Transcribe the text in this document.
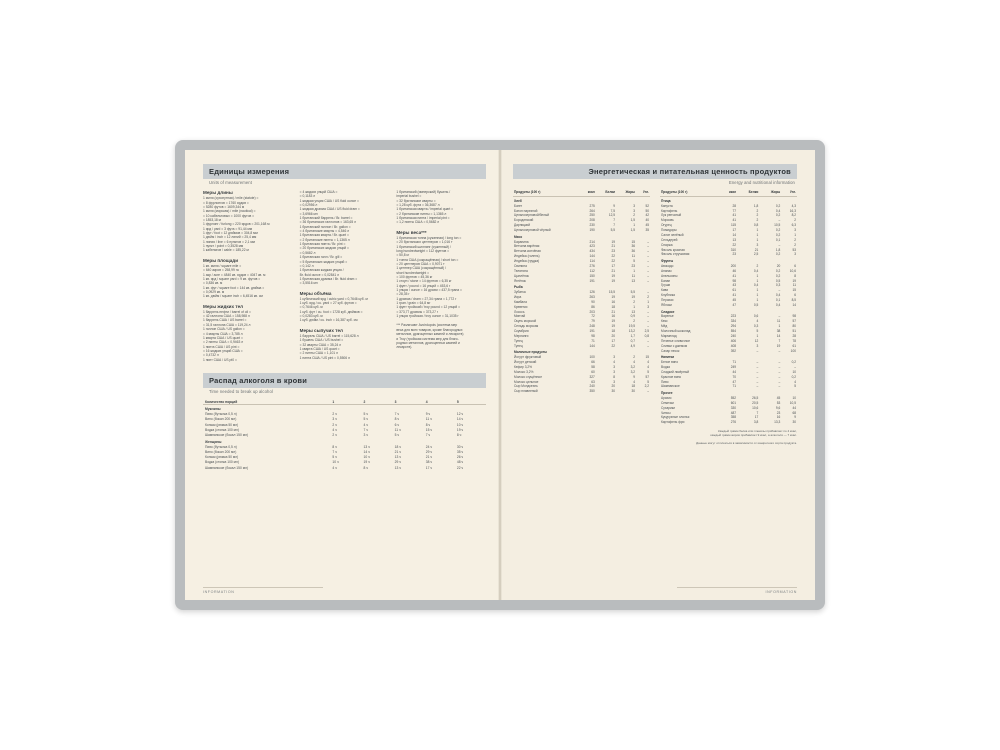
Единицы измерения
Units of measurement
Меры длины
1 миля (сухопутная) / mile (statute) =
= 8 фурлонгов = 1760 ярдов =
= 5280 футов = 1609,344 м
1 миля (морская) / mile (nautical) =
= 10 кабельтовых = 1000 футов =
= 1853,18 м
1 фурлонг / furlong = 220 ярдов = 201,168 м
1 ярд / yard = 3 фута = 91,44 мм
1 фут / foot = 12 дюймов = 304,8 мм
1 дюйм / inch = 12 линий = 25,4 мм
1 линия / line = 6 пунктов = 2,1 мм
1 пункт / point = 0,3528 мм
1 кабельтов / cable = 185,22 м
Меры площади
1 кв. миля / square mile =
= 640 акров = 258,99 га
1 акр / acre = 4840 кв. ярдов = 4047 кв. м
1 кв. ярд / square yard = 9 кв. футов =
= 0,836 кв. м
1 кв. фут / square foot = 144 кв. дюйма =
= 0,0929 кв. м
1 кв. дюйм / square inch = 6,4516 кв. см
Меры жидких тел
1 баррель нефти / barrel of oil =
= 42 галлона США = 158,988 л
1 баррель США / US barrel =
= 31,5 галлона США = 119,24 л
1 галлон США / US gallon =
= 4 кварты США = 3,785 л
1 кварта США / US quart =
= 2 пинты США = 0,9463 л
1 пинта США / US pint =
= 16 жидких унций США =
= 0,4732 л
1 пинт США / US pt0 =
= 4 жидких унций США =
= 0,1183 л
1 жидкая унция США / US fluid ounce =
= 0,02956 л
1 жидкая драхма США / US fluid dram =
= 3,6966 мл
1 британский баррель / Br. barrel =
= 36 британских галлонов = 163,65 л
1 британский галлон / Br. gallon =
= 4 британские кварты = 4,546 л
1 британская кварта / Br. quart =
= 2 британские пинты = 1,1365 л
1 британская пинта / Br. pint =
= 20 британских жидких унций =
= 0,5682 л
1 британская галл / Br. gill =
= 5 британских жидких унций =
= 0,142 л
1 британская жидкая унция /
Br. fluid ounce = 0,02841 л
1 британская драхма / Br. fluid dram =
= 3,5516 мл
Меры объёма
1 кубический ярд / cubic yard = 0,7646 куб. м
1 куб. ярд / cu. yard = 27 куб. футов =
= 0,7646 куб. м
1 куб. фут / cu. foot = 1728 куб. дюймов =
= 0,0283 куб. м
1 куб. дюйм / cu. inch = 16,387 куб. см
Меры сыпучих тел
1 баррель США / US barrel = 115,628 л
1 бушель США / US bushel =
= 32 кварты США = 35,24 л
1 кварта США / US quart =
= 2 пинты США = 1,101 л
1 пинта США / US pint = 0,5506 л
1 британский (имперский) бушель /
imperial bushel =
= 32 британские кварты =
= 1,28 куб. фута = 36,3687 л
1 британская кварта / imperial quart =
= 2 британские пинты = 1,1365 л
1 британская пинта / imperial pint =
= 1,2 пинты США = 0,5682 л
Меры веса***
1 британская тонна (суженная) / long ton =
= 20 британских центнеров = 1,016 т
1 британский шиллинг (суженный) /
long hundredweight = 112 фунтов =
= 50,8 кг
1 тонна США (сокращённая) / short ton =
= 20 центнеров США = 0,9071 т
1 центнер США (сокращённый) /
short hundredweight =
= 100 фунтов = 45,36 кг
1 стоун / stone = 14 фунтов = 6,35 кг
1 фунт / pound = 16 унций = 453,6 г
1 унция / ounce = 16 драхм = 437,5 грана =
= 28,35 г
1 драхма / dram = 27,34 грана = 1,772 г
1 гран / grain = 64,8 мг
1 фунт тройский / troy pound = 12 унций =
= 373,77 драхмы = 373,27 г
1 унция тройская / troy ounce = 31,1035 г
*** Различают Avoirdupois (система мер
веса для всех товаров, кроме благородных
металлов, драгоценных камней и лекарств)
и Troy (тройская система мер для благо-
родных металлов, драгоценных камней и
лекарств).
Распад алкоголя в крови
Time needed to break up alcohol
Количество порций	1	2	3	4	5
Мужчины					
Пиво (бутылка 0,5 л)	2 ч	5 ч	7 ч	9 ч	12 ч
Вино (бокал 200 мл)	3 ч	5 ч	8 ч	11 ч	14 ч
Коньяк (рюмка 50 мл)	2 ч	4 ч	6 ч	8 ч	10 ч
Водка (стопка 100 мл)	4 ч	7 ч	11 ч	15 ч	19 ч
Шампанское (бокал 150 мл)	2 ч	3 ч	5 ч	7 ч	8 ч
Женщины					
Пиво (бутылка 0,5 л)	8 ч	13 ч	18 ч	24 ч	30 ч
Вино (бокал 200 мл)	7 ч	14 ч	21 ч	29 ч	35 ч
Коньяк (рюмка 50 мл)	5 ч	10 ч	13 ч	21 ч	26 ч
Водка (стопка 100 мл)	10 ч	19 ч	29 ч	38 ч	48 ч
Шампанское (бокал 150 мл)	4 ч	8 ч	13 ч	17 ч	22 ч
INFORMATION
Энергетическая и питательная ценность продуктов
Energy and nutritional information
Продукты (100 г)	ккал	Белки	Жиры	Угл.
Хлеб				
Багет	275	9	3	52
Батон нарезной	264	7,5	3	50
Цельнозерновой/белый	250	12,5	2	42
Бородинский	208	7	1,5	40
Дарницкий	230	7	1	45
Цельнозерновой чёрный	190	5,5	1,5	35
Мясо				
Баранина	214	19	15	–
Ветчина варёная	423	21	36	–
Ветчина копчёная	434	23	36	–
Индейка (голень)	144	22	11	–
Индейка (грудка)	114	22	5	–
Свинина	276	17	23	–
Телятина	112	21	1	–
Цыплёнок	150	19	11	–
Ягнёнок	191	19	13	–
Рыба				
Зубатка	126	15,5	5,5	–
Икра	263	19	19	2
Камбала	90	16	2	1
Креветки	86	18	1	3
Лосось	203	21	13	–
Минтай	72	16	0,9	–
Окунь морской	79	19	2	–
Сельдь морская	248	19	19,5	–
Скумбрия	191	18	13,2	2,5
Мерланги	98	20	1,7	0,8
Тунец	71	17	0,7	–
Тунец	144	22	4,9	–
Молочные продукты				
Йогурт фруктовый	100	3	2	15
Йогурт детский	66	4	4	4
Кефир 3,2%	58	3	3,2	4
Молоко 3,2%	60	3	3,2	5
Молоко сгущённое	327	8	9	57
Молоко цельное	63	3	4	5
Сыр Мондсеэль	240	20	18	2,2
Сыр плавленый	350	30	30	–
Продукты (100 г)	ккал	Белки	Жиры	Угл.
Птица				
Капуста	28	1,8	0,2	4,3
Картофель	77	2	0,4	16,3
Лук репчатый	41	2	0,2	8,2
Морковь	41	2	–	2
Огурец	115	0,8	10,5	6,3
Помидоры	17	1	0,2	3
Салат зелёный	14	1	0,2	1
Сельдерей	13	1	0,1	2
Спаржа	22	3	–	2
Фасоль красная	310	21	1,8	53
Фасоль стручковая	23	2,5	0,2	3
Фрукты				
Авокадо	200	2	20	6
Ананас	46	0,4	0,2	10,6
Апельсины	41	1	0,2	8
Банан	98	1	0,5	19
Груши	43	0,4	0,3	11
Киви	61	1	–	15
Клубника	41	1	0,4	6
Персики	45	1	0,1	8,5
Яблоки	47	0,5	0,4	14
Сладкое				
Варенье	223	0,6	–	98
Кекс	334	4	11	57
Мёд	294	0,3	1	80
Молочный шоколад	554	5	38	51
Мармелад	240	1	14	28
Печенье сливочное	406	12	7	78
Сливки с джемом	408	3	19	61
Сахар песок	392	–	–	100
Напитки				
Белое вино	71	–	–	0,2
Водка	249	–	–	–
Сладкий ликёрный	44	–	–	10
Красное вино	70	–	–	0,2
Пиво	47	–	–	4
Шампанское	71	–	–	5
Прочее				
Арахис	552	26,5	45	10
Семечки	601	20,5	53	10,5
Сухарики	330	10,6	9,6	44
Чипсы	487	7	23	68
Кукурузные хлопья	358	17	16	9
Картофель фри	276	3,8	13,3	30
Каждый грамм белка или глюкозы прибавляет по 4 ккал,
каждый грамм жиров прибавляет 9 ккал, а алкоголя — 7 ккал.
Данные могут отличаться в зависимости от конкретного сорта продукта.
INFORMATION
